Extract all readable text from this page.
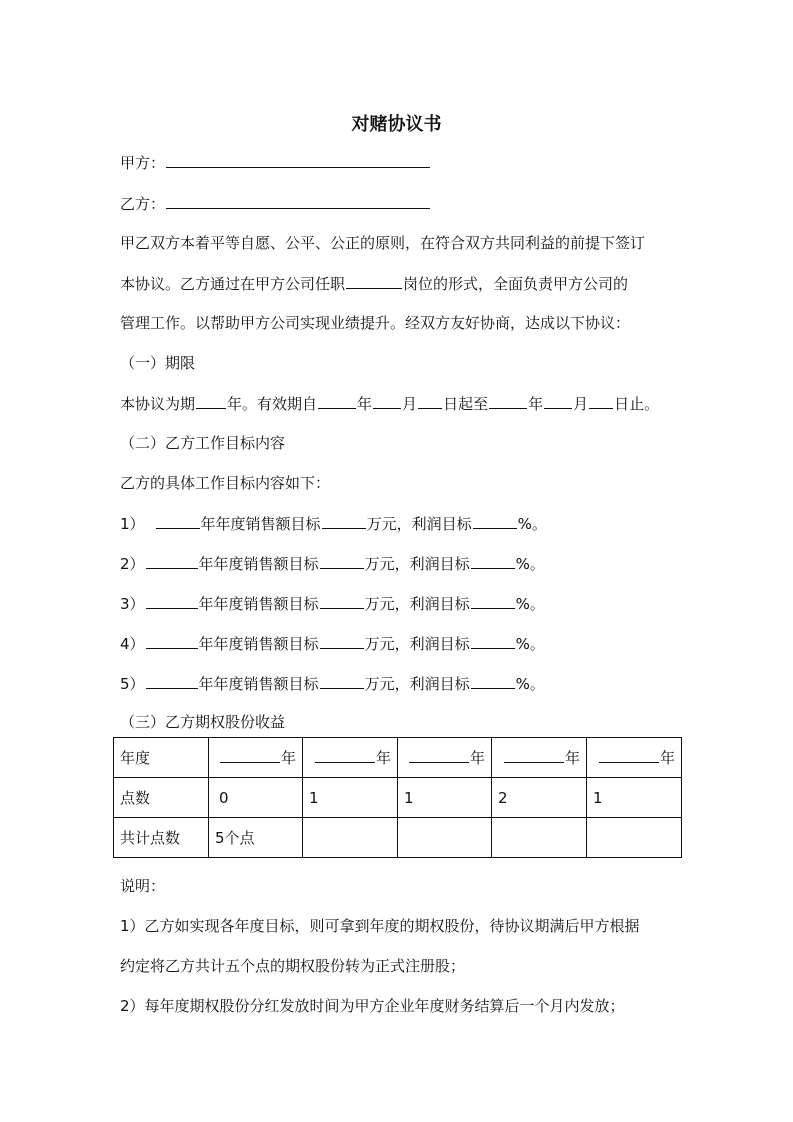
对赌协议书
甲方：
乙方：
甲乙双方本着平等自愿、公平、公正的原则，在符合双方共同利益的前提下签订
本协议。乙方通过在甲方公司任职	岗位的形式，全面负责甲方公司的
管理工作。以帮助甲方公司实现业绩提升。经双方友好协商，达成以下协议：
（一）期限
本协议为期 年。有效期自	年 月 日起至	年 月 日止。
（二）乙方工作目标内容
乙方的具体工作目标内容如下：
1）	年年度销售额目标	万元，利润目标	%。
2）	年年度销售额目标	万元，利润目标	%。
3）	年年度销售额目标	万元，利润目标	%。
4）	年年度销售额目标	万元，利润目标	%。
5）	年年度销售额目标	万元，利润目标	%。
（三）乙方期权股份收益
年度	年	年	年	年	年
点数	0	1	1	2	1
共计点数	5个点				
说明：
1）乙方如实现各年度目标，则可拿到年度的期权股份，待协议期满后甲方根据
约定将乙方共计五个点的期权股份转为正式注册股；
2）每年度期权股份分红发放时间为甲方企业年度财务结算后一个月内发放；
